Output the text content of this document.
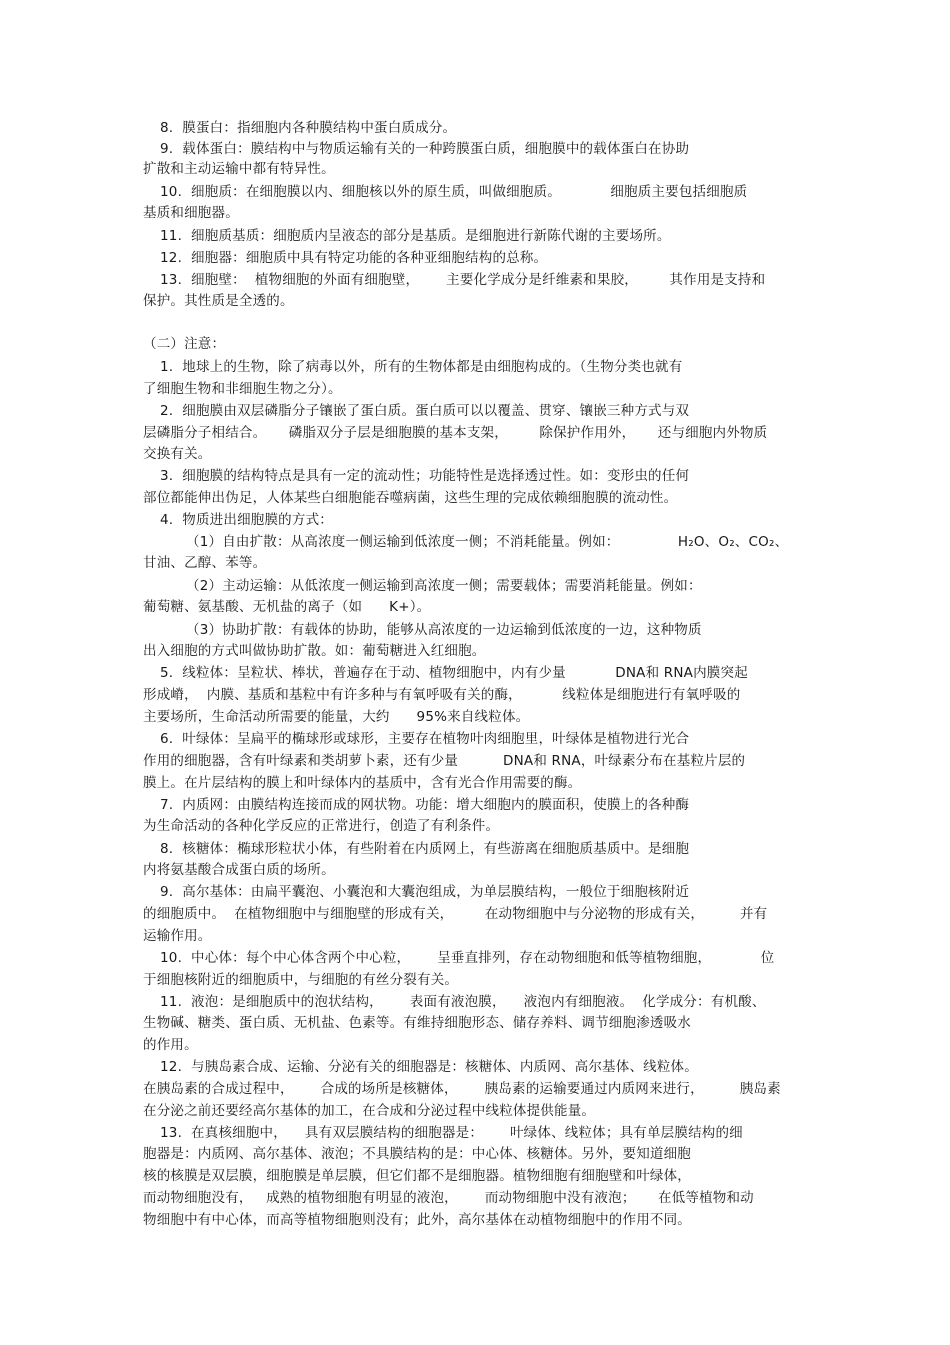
8.  膜蛋白：指细胞内各种膜结构中蛋白质成分。
9.  载体蛋白：膜结构中与物质运输有关的一种跨膜蛋白质，细胞膜中的载体蛋白在协助
扩散和主动运输中都有特异性。
10.  细胞质：在细胞膜以内、细胞核以外的原生质，叫做细胞质。           细胞质主要包括细胞质
基质和细胞器。
11.  细胞质基质：细胞质内呈液态的部分是基质。是细胞进行新陈代谢的主要场所。
12.  细胞器：细胞质中具有特定功能的各种亚细胞结构的总称。
13.  细胞壁：  植物细胞的外面有细胞壁，      主要化学成分是纤维素和果胶，       其作用是支持和
保护。其性质是全透的。
（二）注意：
1.  地球上的生物，除了病毒以外，所有的生物体都是由细胞构成的。（生物分类也就有
了细胞生物和非细胞生物之分）。
2.  细胞膜由双层磷脂分子镶嵌了蛋白质。蛋白质可以以覆盖、贯穿、镶嵌三种方式与双
层磷脂分子相结合。     磷脂双分子层是细胞膜的基本支架，       除保护作用外，     还与细胞内外物质
交换有关。
3.  细胞膜的结构特点是具有一定的流动性；功能特性是选择透过性。如：变形虫的任何
部位都能伸出伪足，人体某些白细胞能吞噬病菌，这些生理的完成依赖细胞膜的流动性。
4.  物质进出细胞膜的方式：
（1）自由扩散：从高浓度一侧运输到低浓度一侧；不消耗能量。例如：             H₂O、O₂、CO₂、
甘油、乙醇、苯等。
（2）主动运输：从低浓度一侧运输到高浓度一侧；需要载体；需要消耗能量。例如：
葡萄糖、氨基酸、无机盐的离子（如      K+）。
（3）协助扩散：有载体的协助，能够从高浓度的一边运输到低浓度的一边，这种物质
出入细胞的方式叫做协助扩散。如：葡萄糖进入红细胞。
5.  线粒体：呈粒状、棒状，普遍存在于动、植物细胞中，内有少量           DNA和 RNA内膜突起
形成嵴，  内膜、基质和基粒中有许多种与有氧呼吸有关的酶，         线粒体是细胞进行有氧呼吸的
主要场所，生命活动所需要的能量，大约      95%来自线粒体。
6.  叶绿体：呈扁平的椭球形或球形，主要存在植物叶肉细胞里，叶绿体是植物进行光合
作用的细胞器，含有叶绿素和类胡萝卜素，还有少量          DNA和 RNA，叶绿素分布在基粒片层的
膜上。在片层结构的膜上和叶绿体内的基质中，含有光合作用需要的酶。
7.  内质网：由膜结构连接而成的网状物。功能：增大细胞内的膜面积，使膜上的各种酶
为生命活动的各种化学反应的正常进行，创造了有利条件。
8.  核糖体：椭球形粒状小体，有些附着在内质网上，有些游离在细胞质基质中。是细胞
内将氨基酸合成蛋白质的场所。
9.  高尔基体：由扁平囊泡、小囊泡和大囊泡组成，为单层膜结构，一般位于细胞核附近
的细胞质中。  在植物细胞中与细胞壁的形成有关，       在动物细胞中与分泌物的形成有关，        并有
运输作用。
10.  中心体：每个中心体含两个中心粒，      呈垂直排列，存在动物细胞和低等植物细胞，           位
于细胞核附近的细胞质中，与细胞的有丝分裂有关。
11.  液泡：是细胞质中的泡状结构，      表面有液泡膜，    液泡内有细胞液。  化学成分：有机酸、
生物碱、糖类、蛋白质、无机盐、色素等。有维持细胞形态、储存养料、调节细胞渗透吸水
的作用。
12.  与胰岛素合成、运输、分泌有关的细胞器是：核糖体、内质网、高尔基体、线粒体。
在胰岛素的合成过程中，      合成的场所是核糖体，      胰岛素的运输要通过内质网来进行，        胰岛素
在分泌之前还要经高尔基体的加工，在合成和分泌过程中线粒体提供能量。
13.  在真核细胞中，    具有双层膜结构的细胞器是：      叶绿体、线粒体；具有单层膜结构的细
胞器是：内质网、高尔基体、液泡；不具膜结构的是：中心体、核糖体。另外，要知道细胞
核的核膜是双层膜，细胞膜是单层膜，但它们都不是细胞器。植物细胞有细胞壁和叶绿体，
而动物细胞没有，   成熟的植物细胞有明显的液泡，      而动物细胞中没有液泡；     在低等植物和动
物细胞中有中心体，而高等植物细胞则没有；此外，高尔基体在动植物细胞中的作用不同。
